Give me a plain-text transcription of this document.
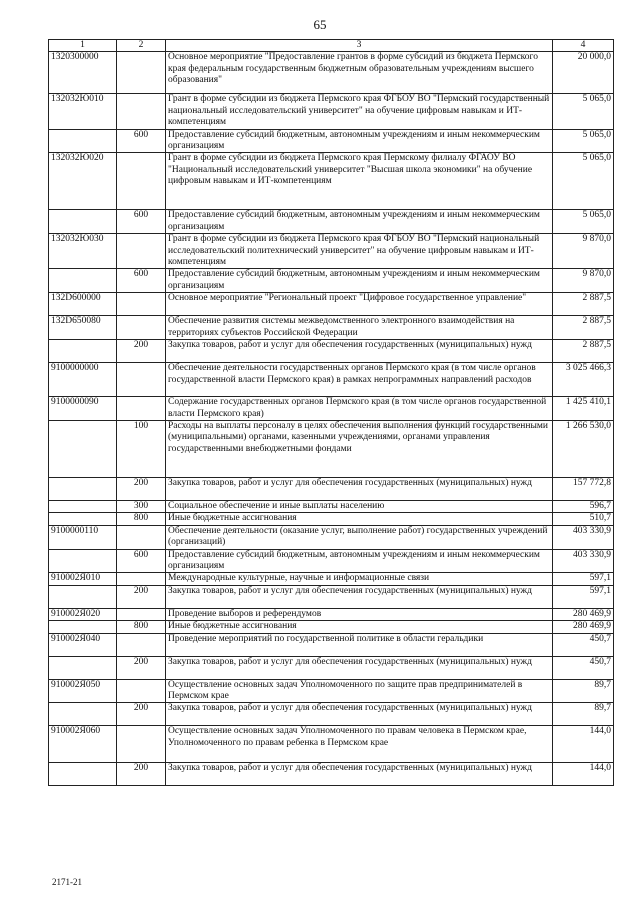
65
1	2	3	4
1320300000		Основное мероприятие "Предоставление грантов в форме субсидий из бюджета Пермского края федеральным государственным бюджетным образовательным учреждениям высшего образования"	20 000,0
132032Ю010		Грант в форме субсидии из бюджета Пермского края ФГБОУ ВО "Пермский государственный национальный исследовательский университет" на обучение цифровым навыкам и ИТ-компетенциям	5 065,0
	600	Предоставление субсидий бюджетным, автономным учреждениям и иным некоммерческим организациям	5 065,0
132032Ю020		Грант в форме субсидии из бюджета Пермского края Пермскому филиалу ФГАОУ ВО "Национальный исследовательский университет "Высшая школа экономики" на обучение цифровым навыкам и ИТ-компетенциям	5 065,0
	600	Предоставление субсидий бюджетным, автономным учреждениям и иным некоммерческим организациям	5 065,0
132032Ю030		Грант в форме субсидии из бюджета Пермского края ФГБОУ ВО "Пермский национальный исследовательский политехнический университет" на обучение цифровым навыкам и ИТ-компетенциям	9 870,0
	600	Предоставление субсидий бюджетным, автономным учреждениям и иным некоммерческим организациям	9 870,0
132D600000		Основное мероприятие "Региональный проект "Цифровое государственное управление"	2 887,5
132D650080		Обеспечение развития системы межведомственного электронного взаимодействия на территориях субъектов Российской Федерации	2 887,5
	200	Закупка товаров, работ и услуг для обеспечения государственных (муниципальных) нужд	2 887,5
9100000000		Обеспечение деятельности государственных органов Пермского края (в том числе органов государственной власти Пермского края) в рамках непрограммных направлений расходов	3 025 466,3
9100000090		Содержание государственных органов Пермского края (в том числе органов государственной власти Пермского края)	1 425 410,1
	100	Расходы на выплаты персоналу в целях обеспечения выполнения функций государственными (муниципальными) органами, казенными учреждениями, органами управления государственными внебюджетными фондами	1 266 530,0
	200	Закупка товаров, работ и услуг для обеспечения государственных (муниципальных) нужд	157 772,8
	300	Социальное обеспечение и иные выплаты населению	596,7
	800	Иные бюджетные ассигнования	510,7
9100000110		Обеспечение деятельности (оказание услуг, выполнение работ) государственных учреждений (организаций)	403 330,9
	600	Предоставление субсидий бюджетным, автономным учреждениям и иным некоммерческим организациям	403 330,9
910002Я010		Международные культурные, научные и информационные связи	597,1
	200	Закупка товаров, работ и услуг для обеспечения государственных (муниципальных) нужд	597,1
910002Я020		Проведение выборов и референдумов	280 469,9
	800	Иные бюджетные ассигнования	280 469,9
910002Я040		Проведение мероприятий по государственной политике в области геральдики	450,7
	200	Закупка товаров, работ и услуг для обеспечения государственных (муниципальных) нужд	450,7
910002Я050		Осуществление основных задач Уполномоченного по защите прав предпринимателей в Пермском крае	89,7
	200	Закупка товаров, работ и услуг для обеспечения государственных (муниципальных) нужд	89,7
910002Я060		Осуществление основных задач Уполномоченного по правам человека в Пермском крае, Уполномоченного по правам ребенка в Пермском крае	144,0
	200	Закупка товаров, работ и услуг для обеспечения государственных (муниципальных) нужд	144,0
2171-21
